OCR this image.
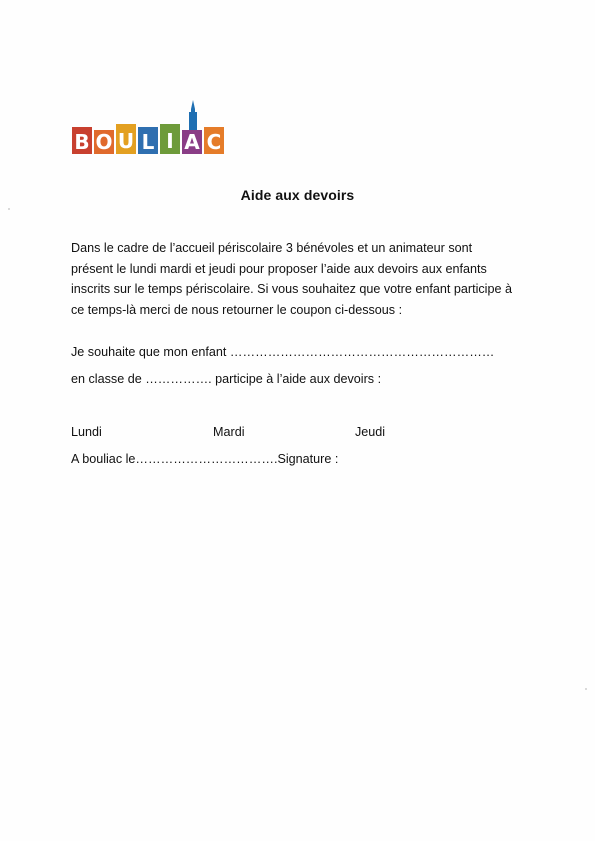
B O U L I A C
Aide aux devoirs

Dans le cadre de l’accueil périscolaire 3 bénévoles et un animateur sont
présent le lundi mardi et jeudi pour proposer l’aide aux devoirs aux enfants
inscrits sur le temps périscolaire. Si vous souhaitez que votre enfant participe à
ce temps-là merci de nous retourner le coupon ci-dessous :

Je souhaite que mon enfant ………………………………………………………

en classe de ……………. participe à l’aide aux devoirs :

Lundi	Mardi	Jeudi

A bouliac le…………………………….Signature :
